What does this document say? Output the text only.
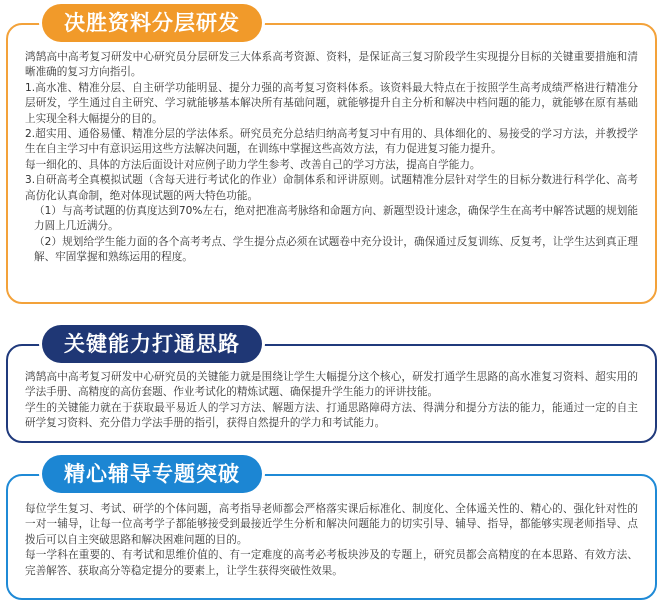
决胜资料分层研发

鸿鹄高中高考复习研发中心研究员分层研发三大体系高考资源、资料，是保证高三复习阶段学生实现提分目标的关键重要措施和清晰准确的复习方向指引。

1.高水准、精准分层、自主研学功能明显、提分力强的高考复习资料体系。该资料最大特点在于按照学生高考成绩严格进行精准分层研发，学生通过自主研究、学习就能够基本解决所有基础问题，就能够提升自主分析和解决中档问题的能力，就能够在原有基础上实现全科大幅提分的目的。

2.超实用、通俗易懂、精准分层的学法体系。研究员充分总结归纳高考复习中有用的、具体细化的、易接受的学习方法，并教授学生在自主学习中有意识运用这些方法解决问题，在训练中掌握这些高效方法，有力促进复习能力提升。

每一细化的、具体的方法后面设计对应例子助力学生参考、改善自己的学习方法，提高自学能力。

3.自研高考全真模拟试题（含每天进行考试化的作业）命制体系和评讲原则。试题精准分层针对学生的目标分数进行科学化、高考高仿化认真命制，绝对体现试题的两大特色功能。

（1）与高考试题的仿真度达到70%左右，绝对把准高考脉络和命题方向、新题型设计速念，确保学生在高考中解答试题的规划能力圆上几近满分。

（2）规划给学生能力面的各个高考考点、学生提分点必须在试题卷中充分设计，确保通过反复训练、反复考，让学生达到真正理解、牢固掌握和熟练运用的程度。

关键能力打通思路

鸿鹄高中高考复习研发中心研究员的关键能力就是围绕让学生大幅提分这个核心，研发打通学生思路的高水准复习资料、超实用的学法手册、高精度的高仿套题、作业考试化的精炼试题、确保提升学生能力的评讲技能。

学生的关键能力就在于获取最平易近人的学习方法、解题方法、打通思路障碍方法、得满分和提分方法的能力，能通过一定的自主研学复习资料、充分借力学法手册的指引，获得自然提升的学力和考试能力。

精心辅导专题突破

每位学生复习、考试、研学的个体问题，高考指导老师都会严格落实课后标准化、制度化、全体遥关性的、精心的、强化针对性的一对一辅导，让每一位高考学子都能够接受到最接近学生分析和解决问题能力的切实引导、辅导、指导，都能够实现老师指导、点拨后可以自主突破思路和解决困难问题的目的。

每一学科在重要的、有考试和思维价值的、有一定难度的高考必考板块涉及的专题上，研究员都会高精度的在本思路、有效方法、完善解答、获取高分等稳定提分的要素上，让学生获得突破性效果。
